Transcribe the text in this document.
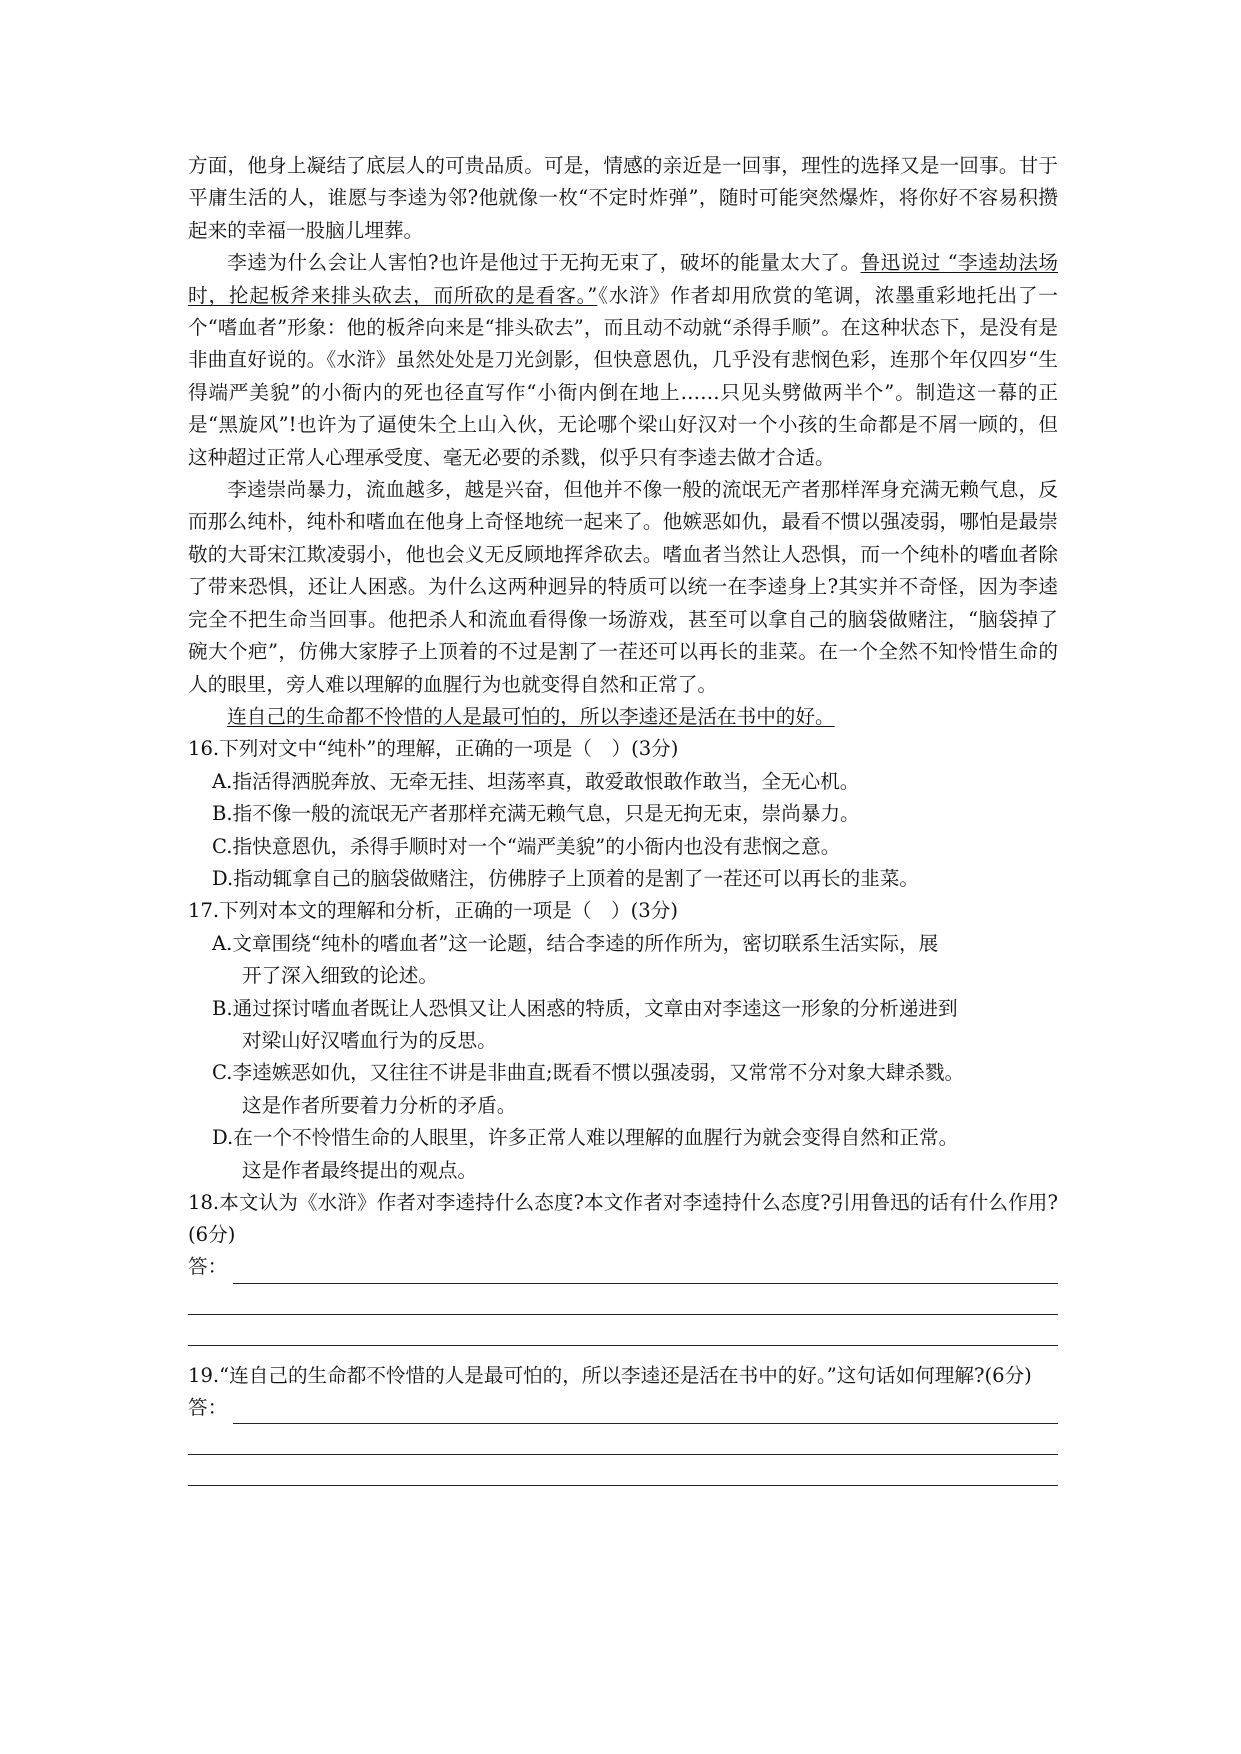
方面，他身上凝结了底层人的可贵品质。可是，情感的亲近是一回事，理性的选择又是一回事。甘于平庸生活的人，谁愿与李逵为邻?他就像一枚“不定时炸弹”，随时可能突然爆炸，将你好不容易积攒起来的幸福一股脑儿埋葬。

李逵为什么会让人害怕?也许是他过于无拘无束了，破坏的能量太大了。鲁迅说过 “李逵劫法场时，抡起板斧来排头砍去，而所砍的是看客。”《水浒》作者却用欣赏的笔调，浓墨重彩地托出了一个“嗜血者”形象：他的板斧向来是“排头砍去”，而且动不动就“杀得手顺”。在这种状态下，是没有是非曲直好说的。《水浒》虽然处处是刀光剑影，但快意恩仇，几乎没有悲悯色彩，连那个年仅四岁“生得端严美貌”的小衙内的死也径直写作“小衙内倒在地上……只见头劈做两半个”。制造这一幕的正是“黑旋风”!也许为了逼使朱仝上山入伙，无论哪个梁山好汉对一个小孩的生命都是不屑一顾的，但这种超过正常人心理承受度、毫无必要的杀戮，似乎只有李逵去做才合适。

李逵崇尚暴力，流血越多，越是兴奋，但他并不像一般的流氓无产者那样浑身充满无赖气息，反而那么纯朴，纯朴和嗜血在他身上奇怪地统一起来了。他嫉恶如仇，最看不惯以强凌弱，哪怕是最崇敬的大哥宋江欺凌弱小，他也会义无反顾地挥斧砍去。嗜血者当然让人恐惧，而一个纯朴的嗜血者除了带来恐惧，还让人困惑。为什么这两种迥异的特质可以统一在李逵身上?其实并不奇怪，因为李逵完全不把生命当回事。他把杀人和流血看得像一场游戏，甚至可以拿自己的脑袋做赌注，“脑袋掉了碗大个疤”，仿佛大家脖子上顶着的不过是割了一茬还可以再长的韭菜。在一个全然不知怜惜生命的人的眼里，旁人难以理解的血腥行为也就变得自然和正常了。

连自己的生命都不怜惜的人是最可怕的，所以李逵还是活在书中的好。

16.下列对文中“纯朴”的理解，正确的一项是（　）(3分)

A.指活得洒脱奔放、无牵无挂、坦荡率真，敢爱敢恨敢作敢当，全无心机。

B.指不像一般的流氓无产者那样充满无赖气息，只是无拘无束，崇尚暴力。

C.指快意恩仇，杀得手顺时对一个“端严美貌”的小衙内也没有悲悯之意。

D.指动辄拿自己的脑袋做赌注，仿佛脖子上顶着的是割了一茬还可以再长的韭菜。

17.下列对本文的理解和分析，正确的一项是（　）(3分)

A.文章围绕“纯朴的嗜血者”这一论题，结合李逵的所作所为，密切联系生活实际，展

开了深入细致的论述。

B.通过探讨嗜血者既让人恐惧又让人困惑的特质，文章由对李逵这一形象的分析递进到

对梁山好汉嗜血行为的反思。

C.李逵嫉恶如仇，又往往不讲是非曲直;既看不惯以强凌弱，又常常不分对象大肆杀戮。

这是作者所要着力分析的矛盾。

D.在一个不怜惜生命的人眼里，许多正常人难以理解的血腥行为就会变得自然和正常。

这是作者最终提出的观点。

18.本文认为《水浒》作者对李逵持什么态度?本文作者对李逵持什么态度?引用鲁迅的话有什么作用?(6分)

答：

19.“连自己的生命都不怜惜的人是最可怕的，所以李逵还是活在书中的好。”这句话如何理解?(6分)

答：
